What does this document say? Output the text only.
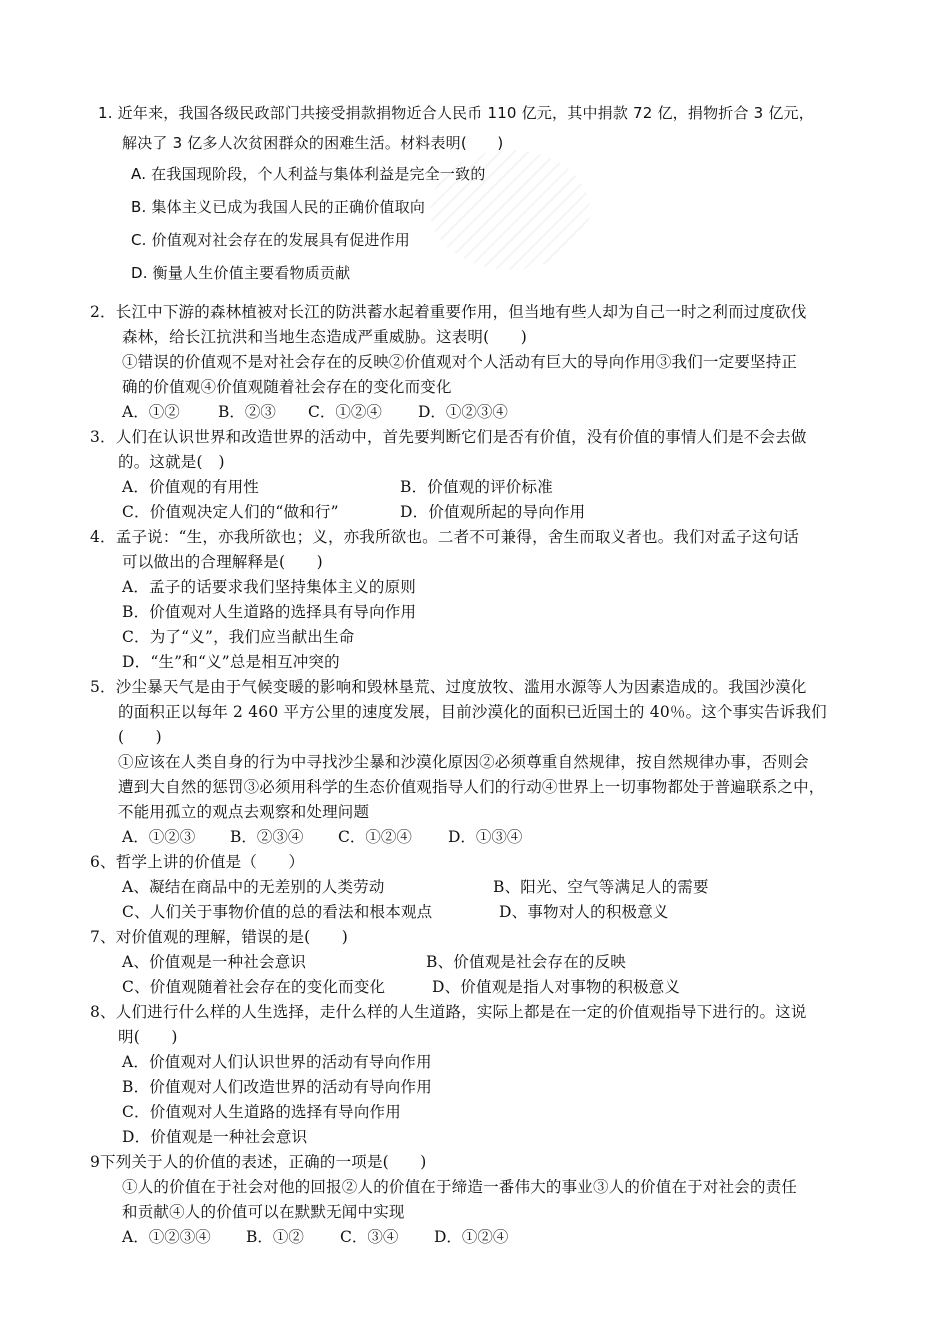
1. 近年来，我国各级民政部门共接受捐款捐物近合人民币 110 亿元，其中捐款 72 亿，捐物折合 3 亿元，
解决了 3 亿多人次贫困群众的困难生活。材料表明(　　)
A. 在我国现阶段，个人利益与集体利益是完全一致的
B. 集体主义已成为我国人民的正确价值取向
C. 价值观对社会存在的发展具有促进作用
D. 衡量人生价值主要看物质贡献
2．长江中下游的森林植被对长江的防洪蓄水起着重要作用，但当地有些人却为自己一时之利而过度砍伐
森林，给长江抗洪和当地生态造成严重威胁。这表明(　　)
①错误的价值观不是对社会存在的反映②价值观对个人活动有巨大的导向作用③我们一定要坚持正
确的价值观④价值观随着社会存在的变化而变化
A．①② B．②③ C．①②④ D．①②③④
3．人们在认识世界和改造世界的活动中，首先要判断它们是否有价值，没有价值的事情人们是不会去做
的。这就是(　)
A．价值观的有用性	B．价值观的评价标准
C．价值观决定人们的“做和行”	D．价值观所起的导向作用
4．孟子说：“生，亦我所欲也；义，亦我所欲也。二者不可兼得，舍生而取义者也。我们对孟子这句话
可以做出的合理解释是(　　)
A．孟子的话要求我们坚持集体主义的原则
B．价值观对人生道路的选择具有导向作用
C．为了“义”，我们应当献出生命
D．“生”和“义”总是相互冲突的
5．沙尘暴天气是由于气候变暖的影响和毁林垦荒、过度放牧、滥用水源等人为因素造成的。我国沙漠化
的面积正以每年 2 460 平方公里的速度发展，目前沙漠化的面积已近国土的 40％。这个事实告诉我们
(　　)
①应该在人类自身的行为中寻找沙尘暴和沙漠化原因②必须尊重自然规律，按自然规律办事，否则会
遭到大自然的惩罚③必须用科学的生态价值观指导人们的行动④世界上一切事物都处于普遍联系之中，
不能用孤立的观点去观察和处理问题
A．①②③ B．②③④ C．①②④ D．①③④
6、哲学上讲的价值是（　　）
A、凝结在商品中的无差别的人类劳动	B、阳光、空气等满足人的需要
C、人们关于事物价值的总的看法和根本观点	D、事物对人的积极意义
7、对价值观的理解，错误的是(　　)
A、价值观是一种社会意识	B、价值观是社会存在的反映
C、价值观随着社会存在的变化而变化	D、价值观是指人对事物的积极意义
8、人们进行什么样的人生选择，走什么样的人生道路，实际上都是在一定的价值观指导下进行的。这说
明(　　)
A．价值观对人们认识世界的活动有导向作用
B．价值观对人们改造世界的活动有导向作用
C．价值观对人生道路的选择有导向作用
D．价值观是一种社会意识
9下列关于人的价值的表述，正确的一项是(　　)
①人的价值在于社会对他的回报②人的价值在于缔造一番伟大的事业③人的价值在于对社会的责任
和贡献④人的价值可以在默默无闻中实现
A．①②③④ B．①② C．③④ D．①②④
